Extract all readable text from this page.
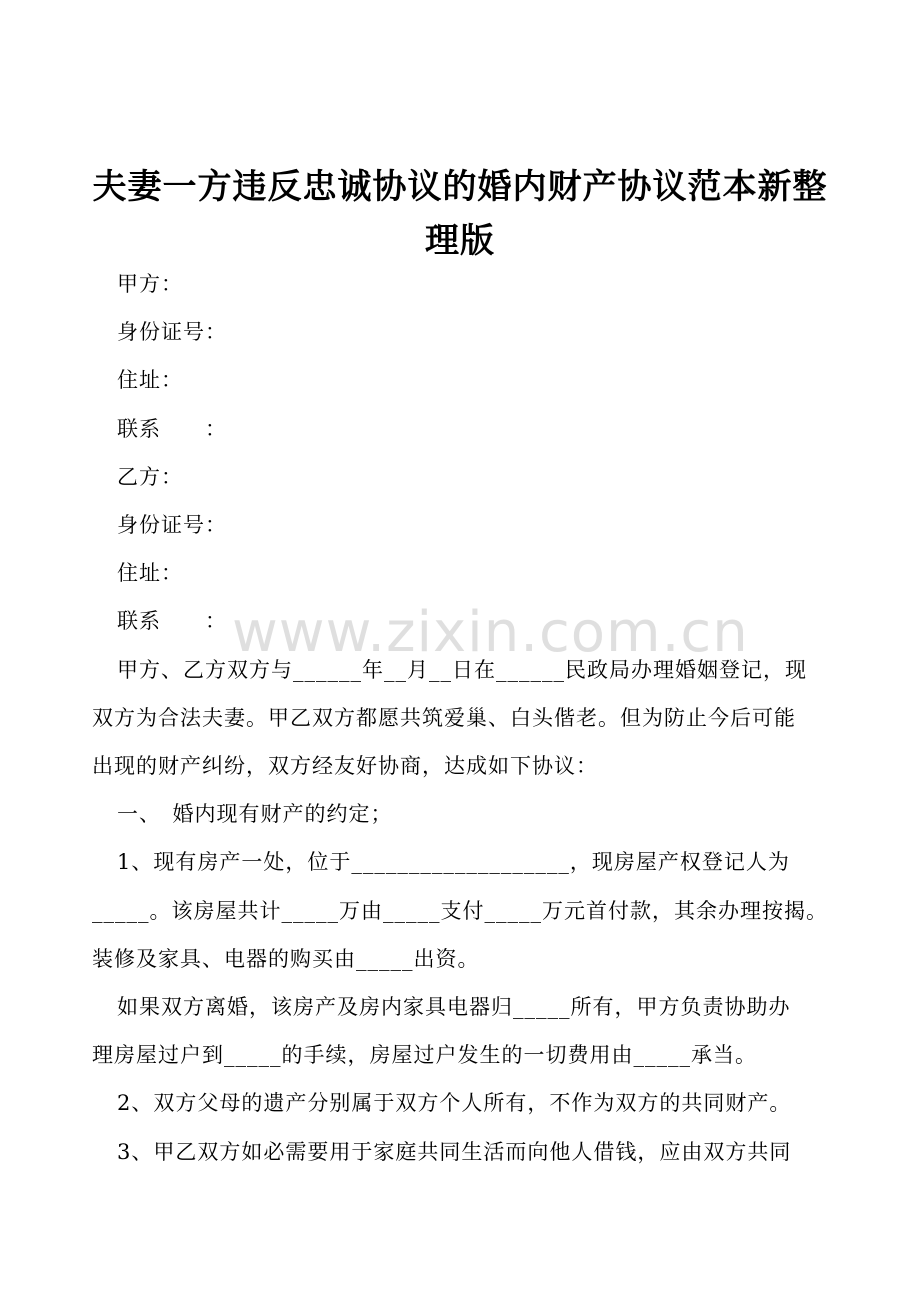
夫妻一方违反忠诚协议的婚内财产协议范本新整理版
甲方：
身份证号：
住址：
联系　　：
乙方：
身份证号：
住址：
联系　　：
甲方、乙方双方与______年__月__日在______民政局办理婚姻登记，现
双方为合法夫妻。甲乙双方都愿共筑爱巢、白头偕老。但为防止今后可能
出现的财产纠纷，双方经友好协商，达成如下协议：
一、　婚内现有财产的约定；
1、现有房产一处，位于___________________，现房屋产权登记人为
_____。该房屋共计_____万由_____支付_____万元首付款，其余办理按揭。
装修及家具、电器的购买由_____出资。
如果双方离婚，该房产及房内家具电器归_____所有，甲方负责协助办
理房屋过户到_____的手续，房屋过户发生的一切费用由_____承当。
2、双方父母的遗产分别属于双方个人所有，不作为双方的共同财产。
3、甲乙双方如必需要用于家庭共同生活而向他人借钱，应由双方共同
www.zixin.com.cn
